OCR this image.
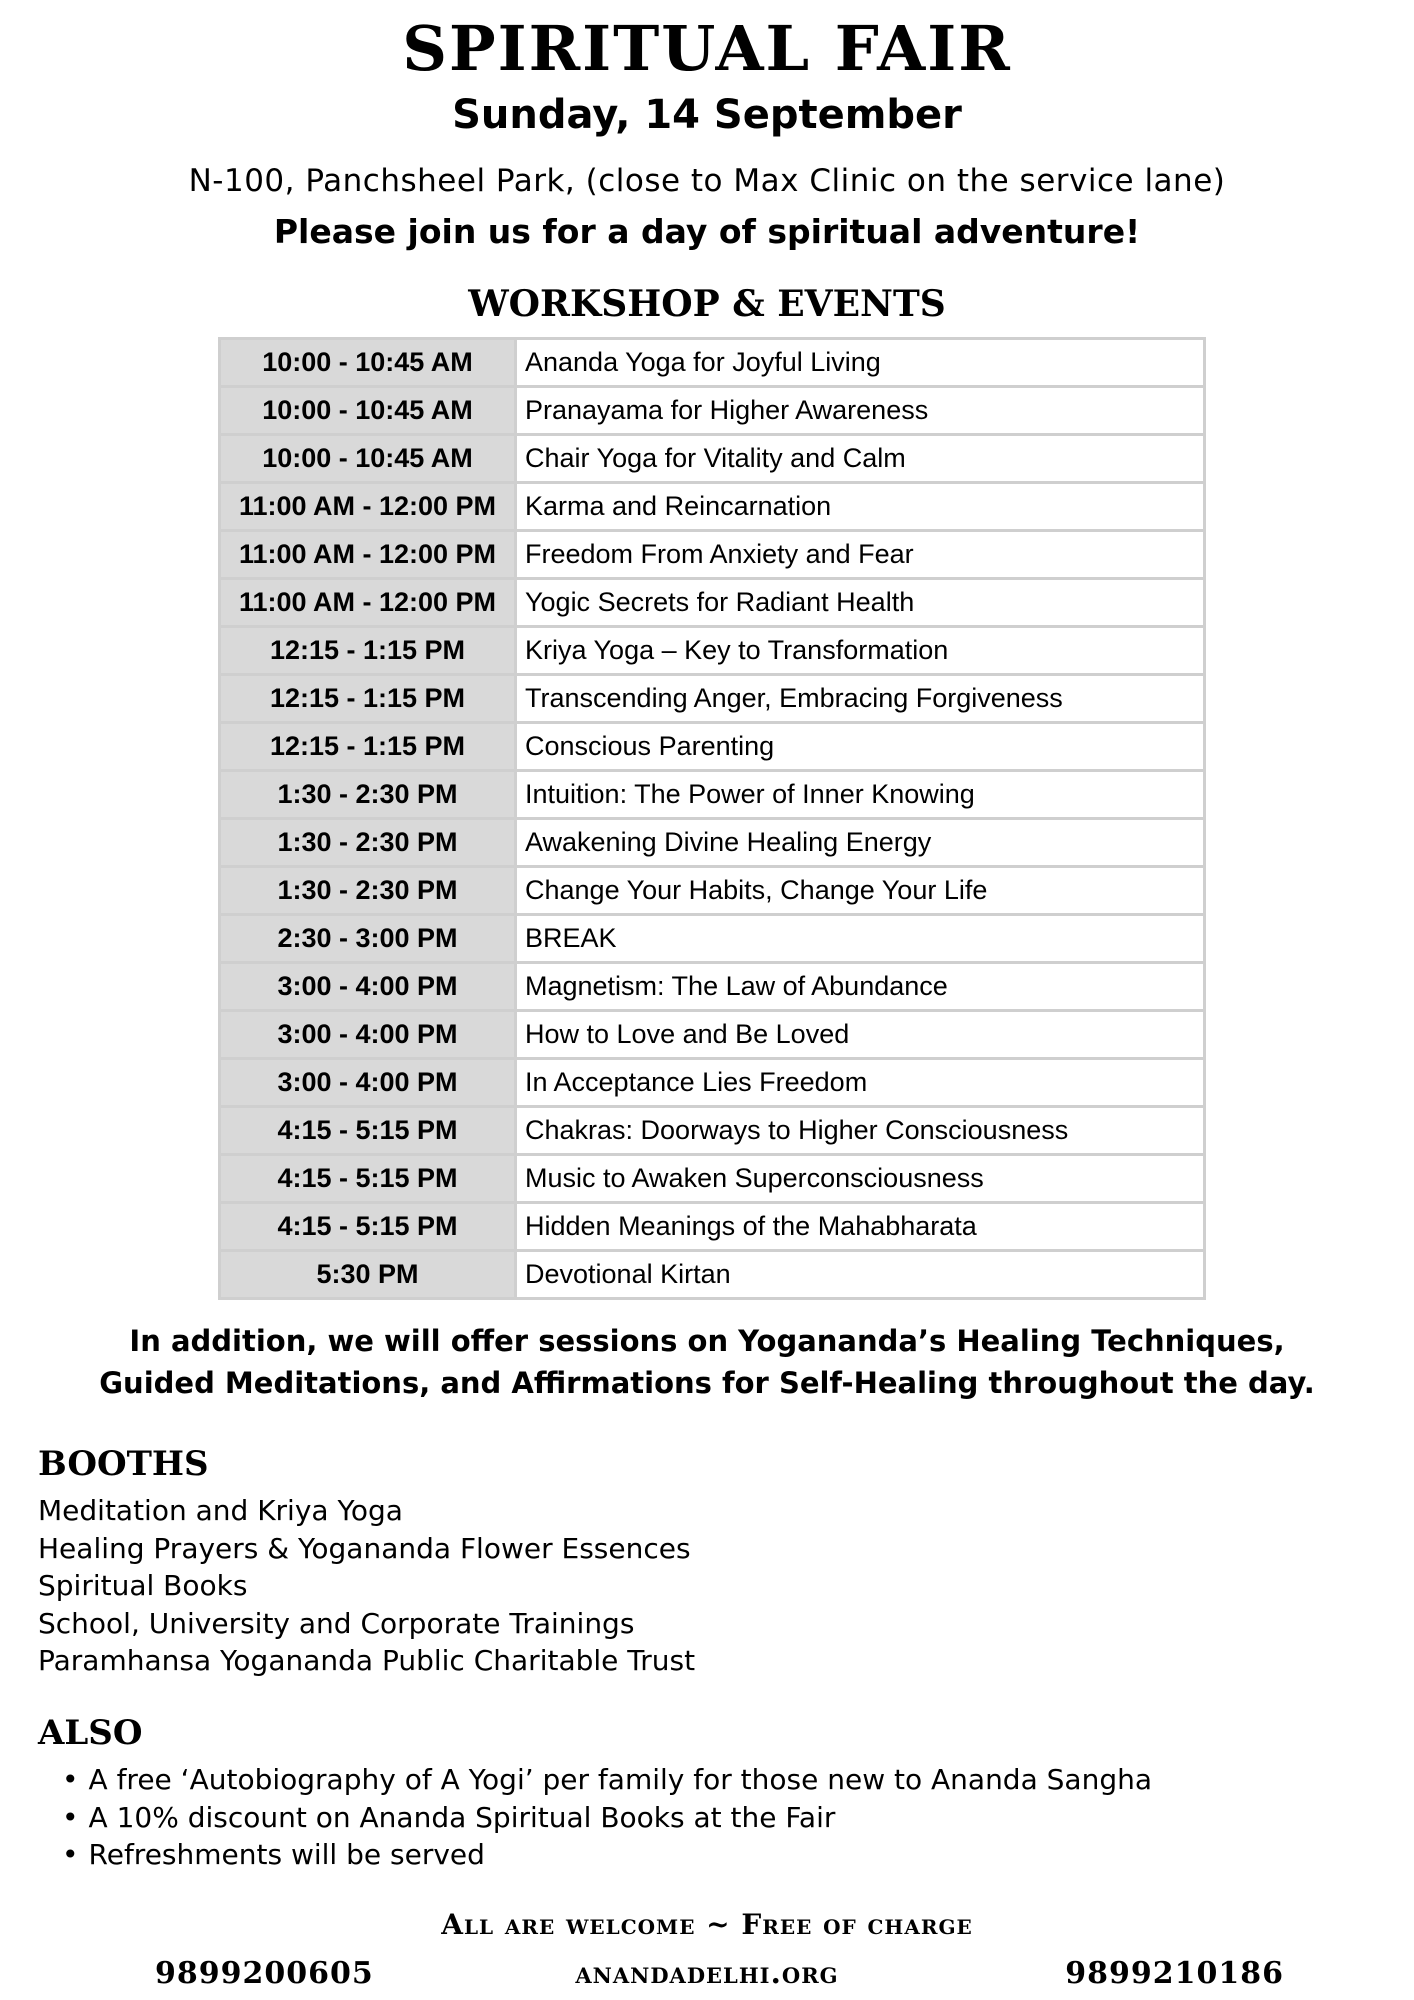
SPIRITUAL FAIR
Sunday, 14 September
N-100, Panchsheel Park, (close to Max Clinic on the service lane)
Please join us for a day of spiritual adventure!
WORKSHOP & EVENTS
10:00 - 10:45 AM	Ananda Yoga for Joyful Living
10:00 - 10:45 AM	Pranayama for Higher Awareness
10:00 - 10:45 AM	Chair Yoga for Vitality and Calm
11:00 AM - 12:00 PM	Karma and Reincarnation
11:00 AM - 12:00 PM	Freedom From Anxiety and Fear
11:00 AM - 12:00 PM	Yogic Secrets for Radiant Health
12:15 - 1:15 PM	Kriya Yoga – Key to Transformation
12:15 - 1:15 PM	Transcending Anger, Embracing Forgiveness
12:15 - 1:15 PM	Conscious Parenting
1:30 - 2:30 PM	Intuition: The Power of Inner Knowing
1:30 - 2:30 PM	Awakening Divine Healing Energy
1:30 - 2:30 PM	Change Your Habits, Change Your Life
2:30 - 3:00 PM	BREAK
3:00 - 4:00 PM	Magnetism: The Law of Abundance
3:00 - 4:00 PM	How to Love and Be Loved
3:00 - 4:00 PM	In Acceptance Lies Freedom
4:15 - 5:15 PM	Chakras: Doorways to Higher Consciousness
4:15 - 5:15 PM	Music to Awaken Superconsciousness
4:15 - 5:15 PM	Hidden Meanings of the Mahabharata
5:30 PM	Devotional Kirtan
In addition, we will offer sessions on Yogananda’s Healing Techniques,
Guided Meditations, and Affirmations for Self-Healing throughout the day.
BOOTHS
Meditation and Kriya Yoga
Healing Prayers & Yogananda Flower Essences
Spiritual Books
School, University and Corporate Trainings
Paramhansa Yogananda Public Charitable Trust
ALSO
• A free ‘Autobiography of A Yogi’ per family for those new to Ananda Sangha
• A 10% discount on Ananda Spiritual Books at the Fair
• Refreshments will be served
All are welcome ~ Free of charge
9899200605	anandadelhi.org	9899210186
